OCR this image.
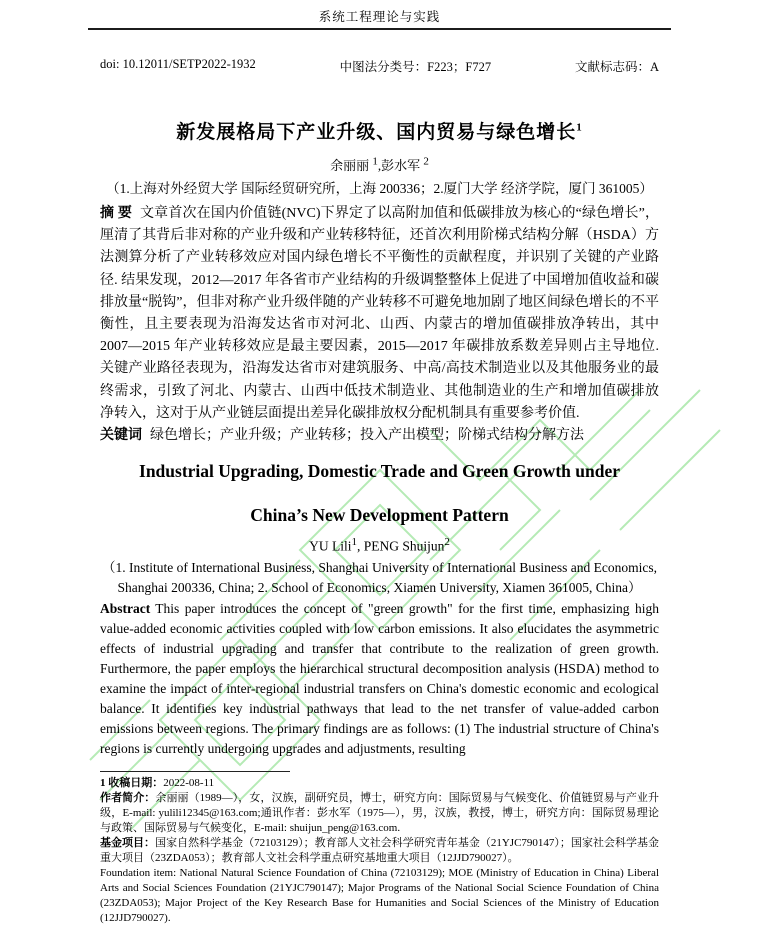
系统工程理论与实践
doi: 10.12011/SETP2022-1932	中图法分类号：F223；F727	文献标志码：A
新发展格局下产业升级、国内贸易与绿色增长$^1$
余丽丽 $^1$,彭水军 $^2$
（1.上海对外经贸大学 国际经贸研究所，上海 200336；2.厦门大学 经济学院，厦门 361005）

摘 要 文章首次在国内价值链(NVC)下界定了以高附加值和低碳排放为核心的“绿色增长”，厘清了其背后非对称的产业升级和产业转移特征，还首次利用阶梯式结构分解（HSDA）方法测算分析了产业转移效应对国内绿色增长不平衡性的贡献程度，并识别了关键的产业路径. 结果发现，2012—2017 年各省市产业结构的升级调整整体上促进了中国增加值收益和碳排放量“脱钩”，但非对称产业升级伴随的产业转移不可避免地加剧了地区间绿色增长的不平衡性，且主要表现为沿海发达省市对河北、山西、内蒙古的增加值碳排放净转出，其中2007—2015 年产业转移效应是最主要因素，2015—2017 年碳排放系数差异则占主导地位. 关键产业路径表现为，沿海发达省市对建筑服务、中高/高技术制造业以及其他服务业的最终需求，引致了河北、内蒙古、山西中低技术制造业、其他制造业的生产和增加值碳排放净转入，这对于从产业链层面提出差异化碳排放权分配机制具有重要参考价值.

关键词 绿色增长；产业升级；产业转移；投入产出模型；阶梯式结构分解方法

Industrial Upgrading, Domestic Trade and Green Growth under
China’s New Development Pattern
YU Lili$^1$, PENG Shuijun$^2$
（1. Institute of International Business, Shanghai University of International Business and Economics, Shanghai 200336, China; 2. School of Economics, Xiamen University, Xiamen 361005, China）

Abstract This paper introduces the concept of "green growth" for the first time, emphasizing high value-added economic activities coupled with low carbon emissions. It also elucidates the asymmetric effects of industrial upgrading and transfer that contribute to the realization of green growth. Furthermore, the paper employs the hierarchical structural decomposition analysis (HSDA) method to examine the impact of inter-regional industrial transfers on China's domestic economic and ecological balance. It identifies key industrial pathways that lead to the net transfer of value-added carbon emissions between regions. The primary findings are as follows: (1) The industrial structure of China's regions is currently undergoing upgrades and adjustments, resulting

1 收稿日期：2022-08-11

作者简介：余丽丽（1989—），女，汉族，副研究员，博士，研究方向：国际贸易与气候变化、价值链贸易与产业升级，E-mail: yulili12345@163.com;通讯作者：彭水军（1975—），男，汉族，教授，博士，研究方向：国际贸易理论与政策、国际贸易与气候变化，E-mail: shuijun_peng@163.com.

基金项目：国家自然科学基金（72103129）；教育部人文社会科学研究青年基金（21YJC790147）；国家社会科学基金重大项目（23ZDA053）；教育部人文社会科学重点研究基地重大项目（12JJD790027）。

Foundation item: National Natural Science Foundation of China (72103129); MOE (Ministry of Education in China) Liberal Arts and Social Sciences Foundation (21YJC790147); Major Programs of the National Social Science Foundation of China (23ZDA053); Major Project of the Key Research Base for Humanities and Social Sciences of the Ministry of Education (12JJD790027).
